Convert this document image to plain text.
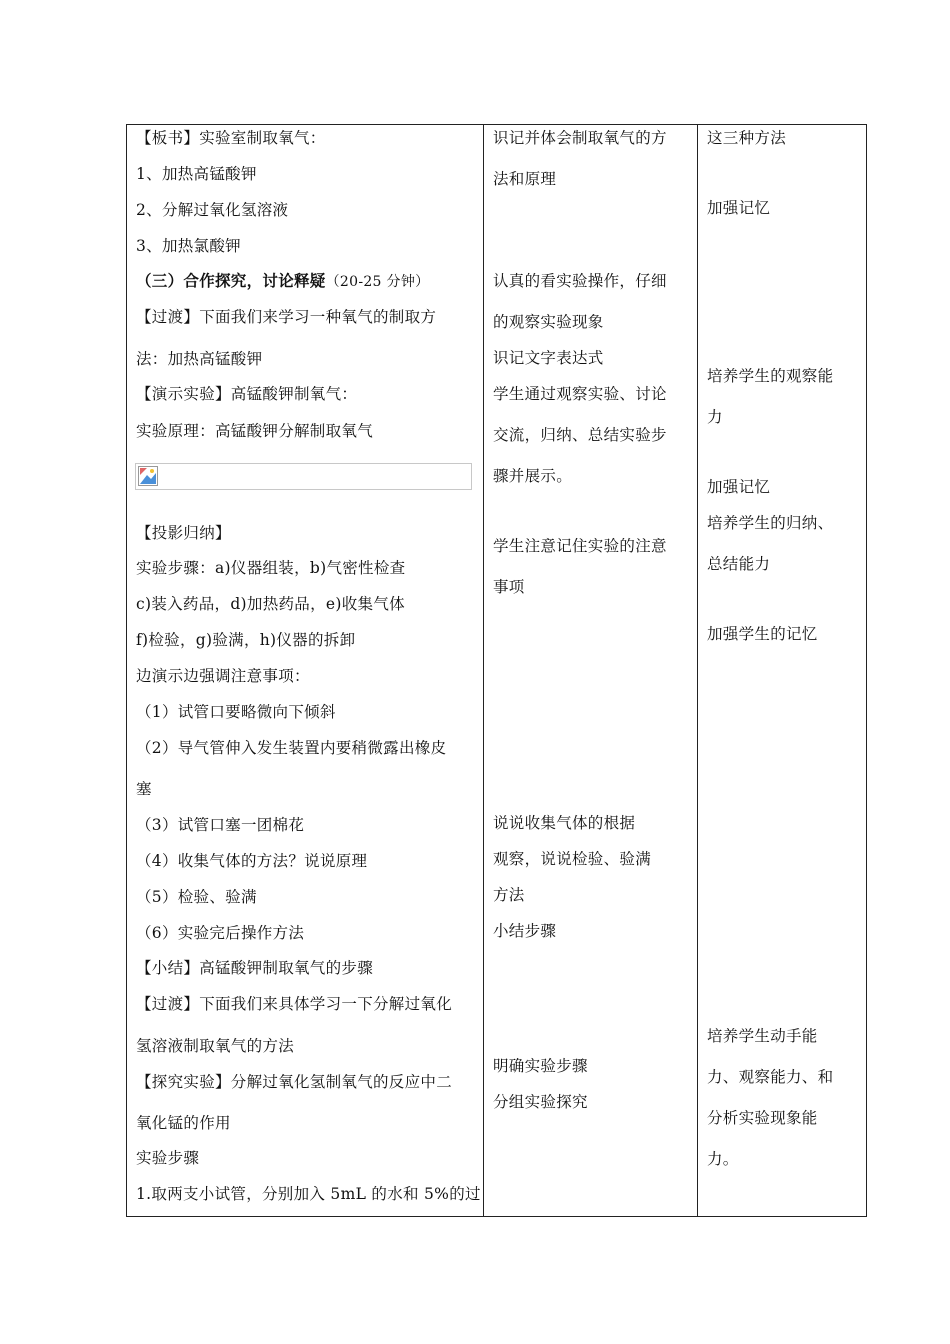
【板书】实验室制取氧气：
1、加热高锰酸钾
2、分解过氧化氢溶液
3、加热氯酸钾
（三）合作探究，讨论释疑（20-25 分钟）
【过渡】下面我们来学习一种氧气的制取方
法：加热高锰酸钾
【演示实验】高锰酸钾制氧气：
实验原理：高锰酸钾分解制取氧气
【投影归纳】
实验步骤：a)仪器组装，b)气密性检查
c)装入药品，d)加热药品，e)收集气体
f)检验，g)验满，h)仪器的拆卸
边演示边强调注意事项：
（1）试管口要略微向下倾斜
（2）导气管伸入发生装置内要稍微露出橡皮
塞
（3）试管口塞一团棉花
（4）收集气体的方法？说说原理
（5）检验、验满
（6）实验完后操作方法
【小结】高锰酸钾制取氧气的步骤
【过渡】下面我们来具体学习一下分解过氧化
氢溶液制取氧气的方法
【探究实验】分解过氧化氢制氧气的反应中二
氧化锰的作用
实验步骤
1.取两支小试管，分别加入 5mL 的水和 5%的过

识记并体会制取氧气的方
法和原理
认真的看实验操作，仔细
的观察实验现象
识记文字表达式
学生通过观察实验、讨论
交流，归纳、总结实验步
骤并展示。
学生注意记住实验的注意
事项
说说收集气体的根据
观察，说说检验、验满
方法
小结步骤
明确实验步骤
分组实验探究

这三种方法
加强记忆
培养学生的观察能
力
加强记忆
培养学生的归纳、
总结能力
加强学生的记忆
培养学生动手能
力、观察能力、和
分析实验现象能
力。
